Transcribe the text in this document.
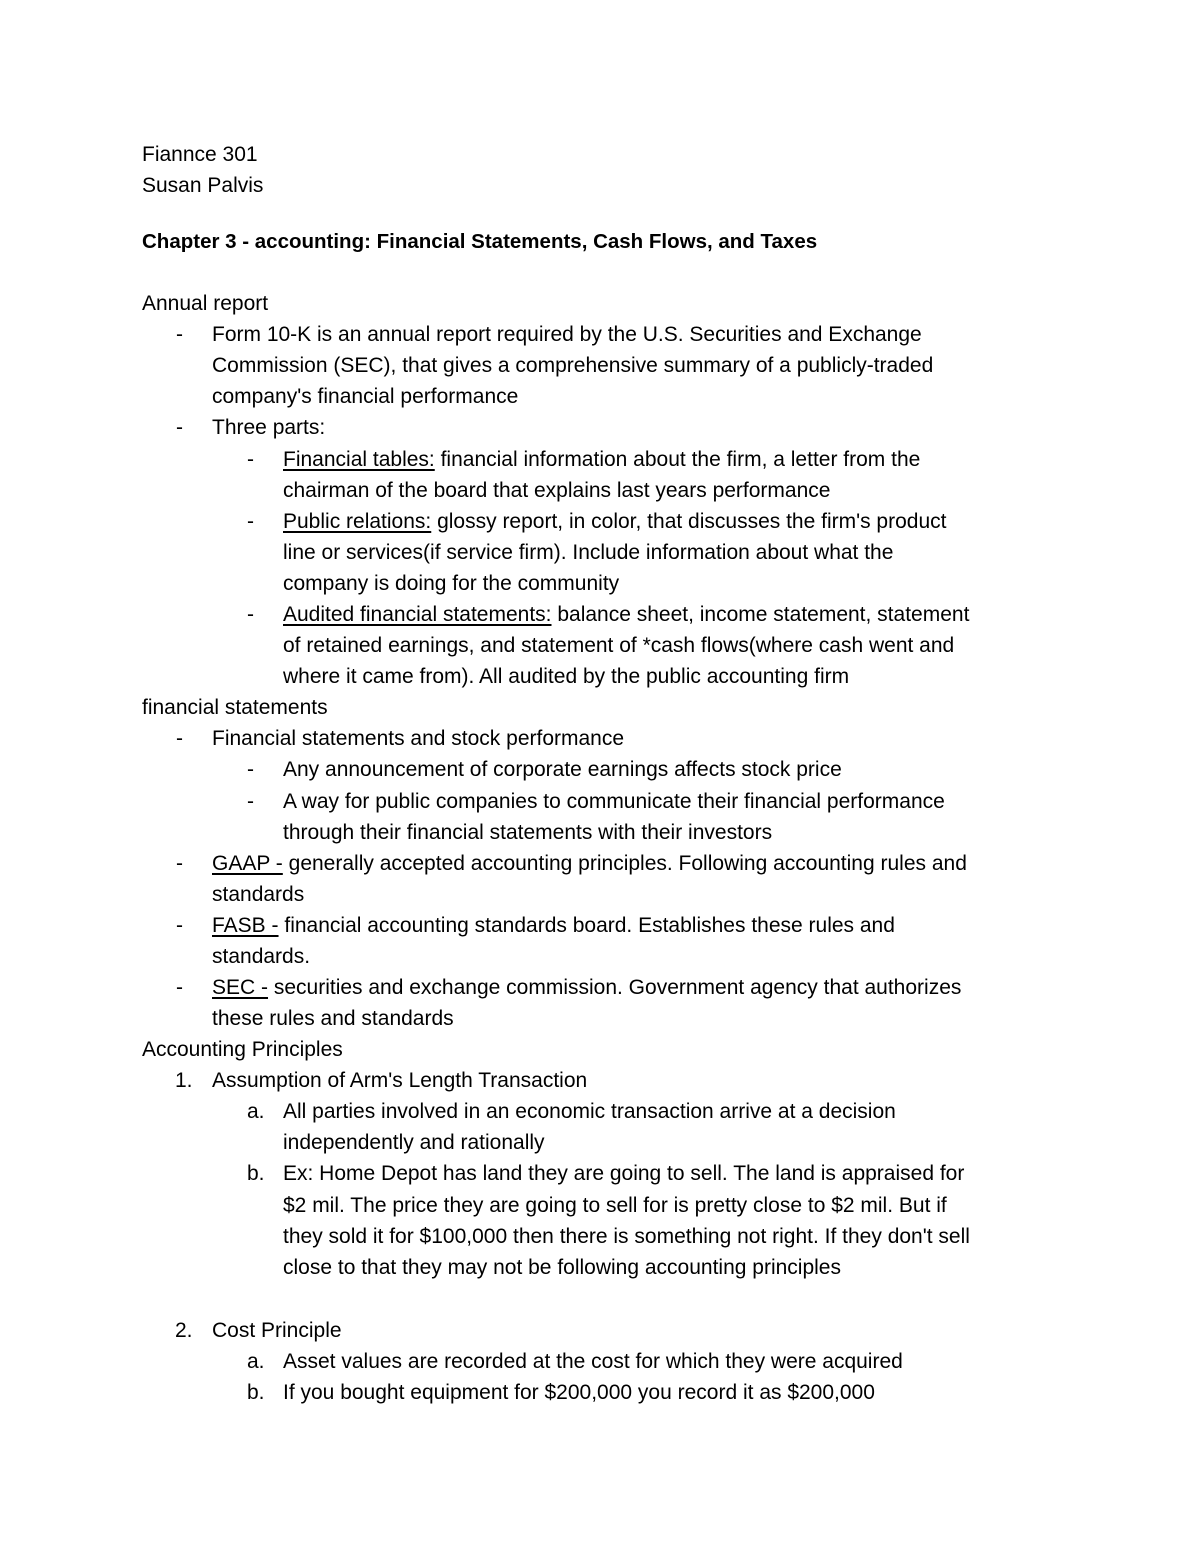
Fiannce 301
Susan Palvis
Chapter 3 - accounting: Financial Statements, Cash Flows, and Taxes
Annual report
- Form 10-K is an annual report required by the U.S. Securities and Exchange
Commission (SEC), that gives a comprehensive summary of a publicly-traded
company's financial performance
- Three parts:
- Financial tables: financial information about the firm, a letter from the
chairman of the board that explains last years performance
- Public relations: glossy report, in color, that discusses the firm's product
line or services(if service firm). Include information about what the
company is doing for the community
- Audited financial statements: balance sheet, income statement, statement
of retained earnings, and statement of *cash flows(where cash went and
where it came from). All audited by the public accounting firm
financial statements
- Financial statements and stock performance
- Any announcement of corporate earnings affects stock price
- A way for public companies to communicate their financial performance
through their financial statements with their investors
- GAAP - generally accepted accounting principles. Following accounting rules and
standards
- FASB - financial accounting standards board. Establishes these rules and
standards.
- SEC - securities and exchange commission. Government agency that authorizes
these rules and standards
Accounting Principles
1. Assumption of Arm's Length Transaction
a. All parties involved in an economic transaction arrive at a decision
independently and rationally
b. Ex: Home Depot has land they are going to sell. The land is appraised for
$2 mil. The price they are going to sell for is pretty close to $2 mil. But if
they sold it for $100,000 then there is something not right. If they don't sell
close to that they may not be following accounting principles
2. Cost Principle
a. Asset values are recorded at the cost for which they were acquired
b. If you bought equipment for $200,000 you record it as $200,000
